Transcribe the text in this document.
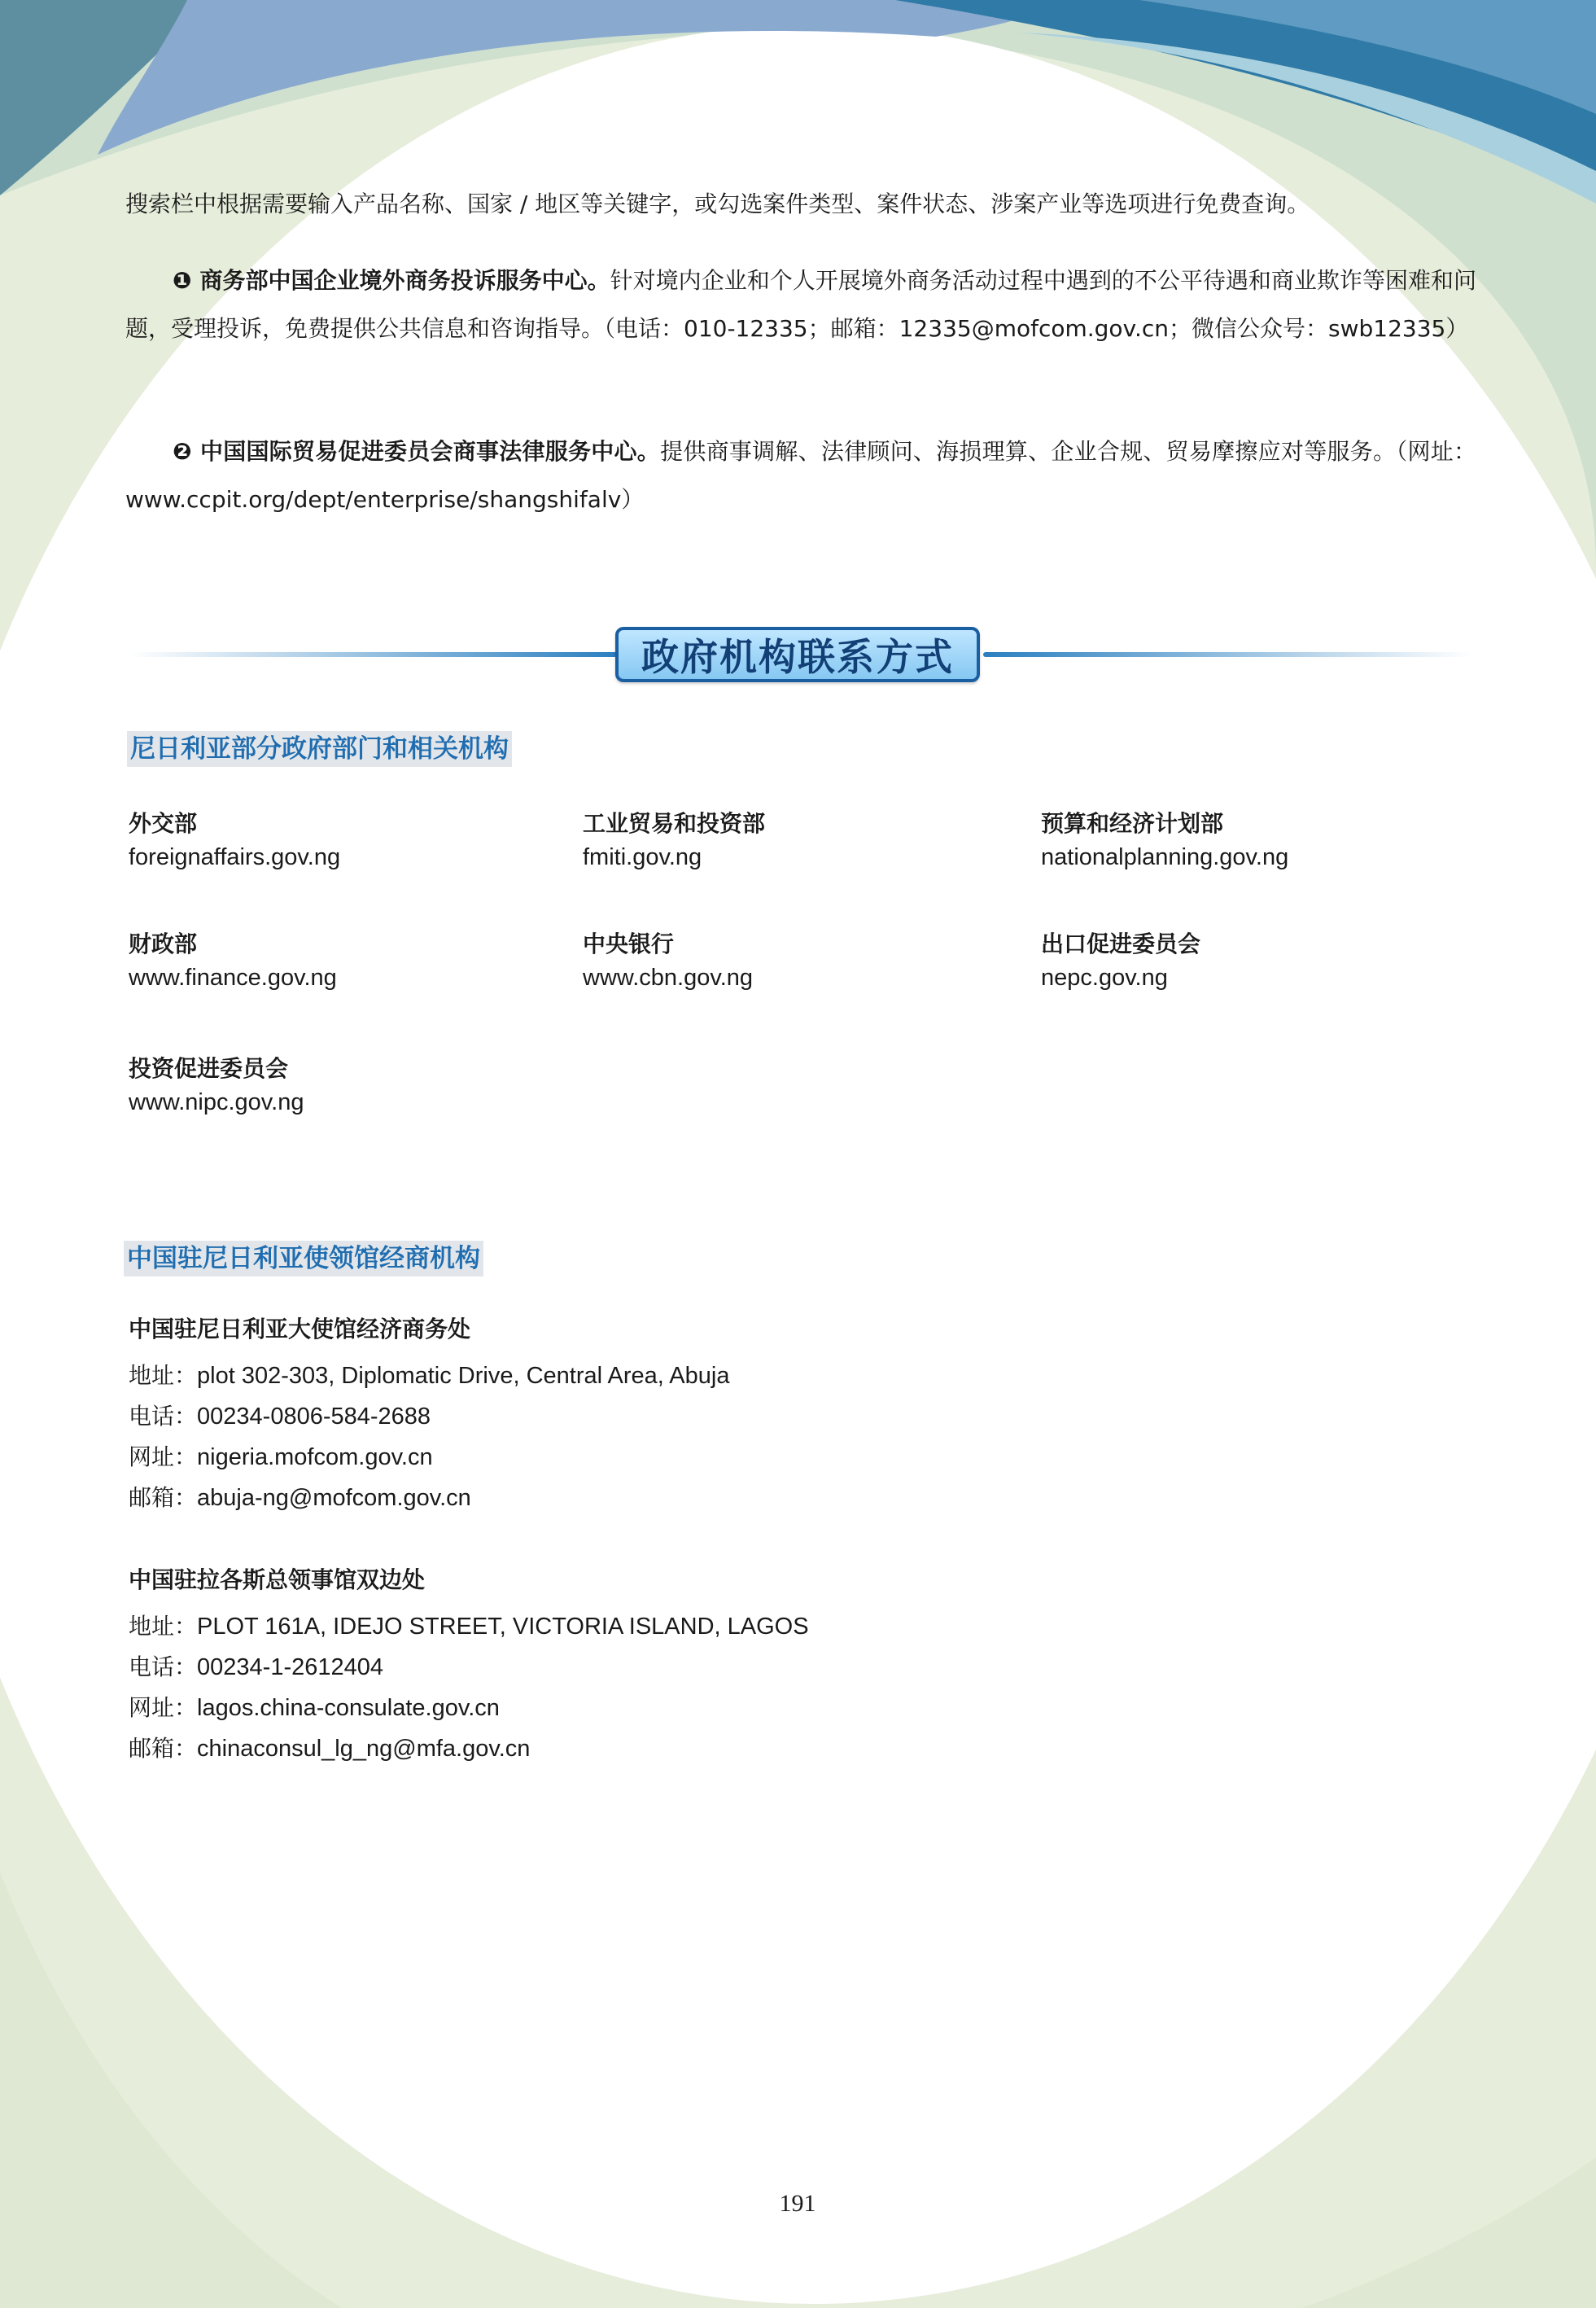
搜索栏中根据需要输入产品名称、国家 / 地区等关键字，或勾选案件类型、案件状态、涉案产业等选项进行免费查询。

❶ 商务部中国企业境外商务投诉服务中心。针对境内企业和个人开展境外商务活动过程中遇到的不公平待遇和商业欺诈等困难和问题，受理投诉，免费提供公共信息和咨询指导。（电话：010-12335；邮箱：12335@mofcom.gov.cn；微信公众号：swb12335）

❷ 中国国际贸易促进委员会商事法律服务中心。提供商事调解、法律顾问、海损理算、企业合规、贸易摩擦应对等服务。（网址：www.ccpit.org/dept/enterprise/shangshifalv）

政府机构联系方式
尼日利亚部分政府部门和相关机构
外交部
foreignaffairs.gov.ng
工业贸易和投资部
fmiti.gov.ng
预算和经济计划部
nationalplanning.gov.ng
财政部
www.finance.gov.ng
中央银行
www.cbn.gov.ng
出口促进委员会
nepc.gov.ng
投资促进委员会
www.nipc.gov.ng
中国驻尼日利亚使领馆经商机构
中国驻尼日利亚大使馆经济商务处
地址：plot 302-303, Diplomatic Drive, Central Area, Abuja
电话：00234-0806-584-2688
网址：nigeria.mofcom.gov.cn
邮箱：abuja-ng@mofcom.gov.cn
中国驻拉各斯总领事馆双边处
地址：PLOT 161A, IDEJO STREET, VICTORIA ISLAND, LAGOS
电话：00234-1-2612404
网址：lagos.china-consulate.gov.cn
邮箱：chinaconsul_lg_ng@mfa.gov.cn
191
